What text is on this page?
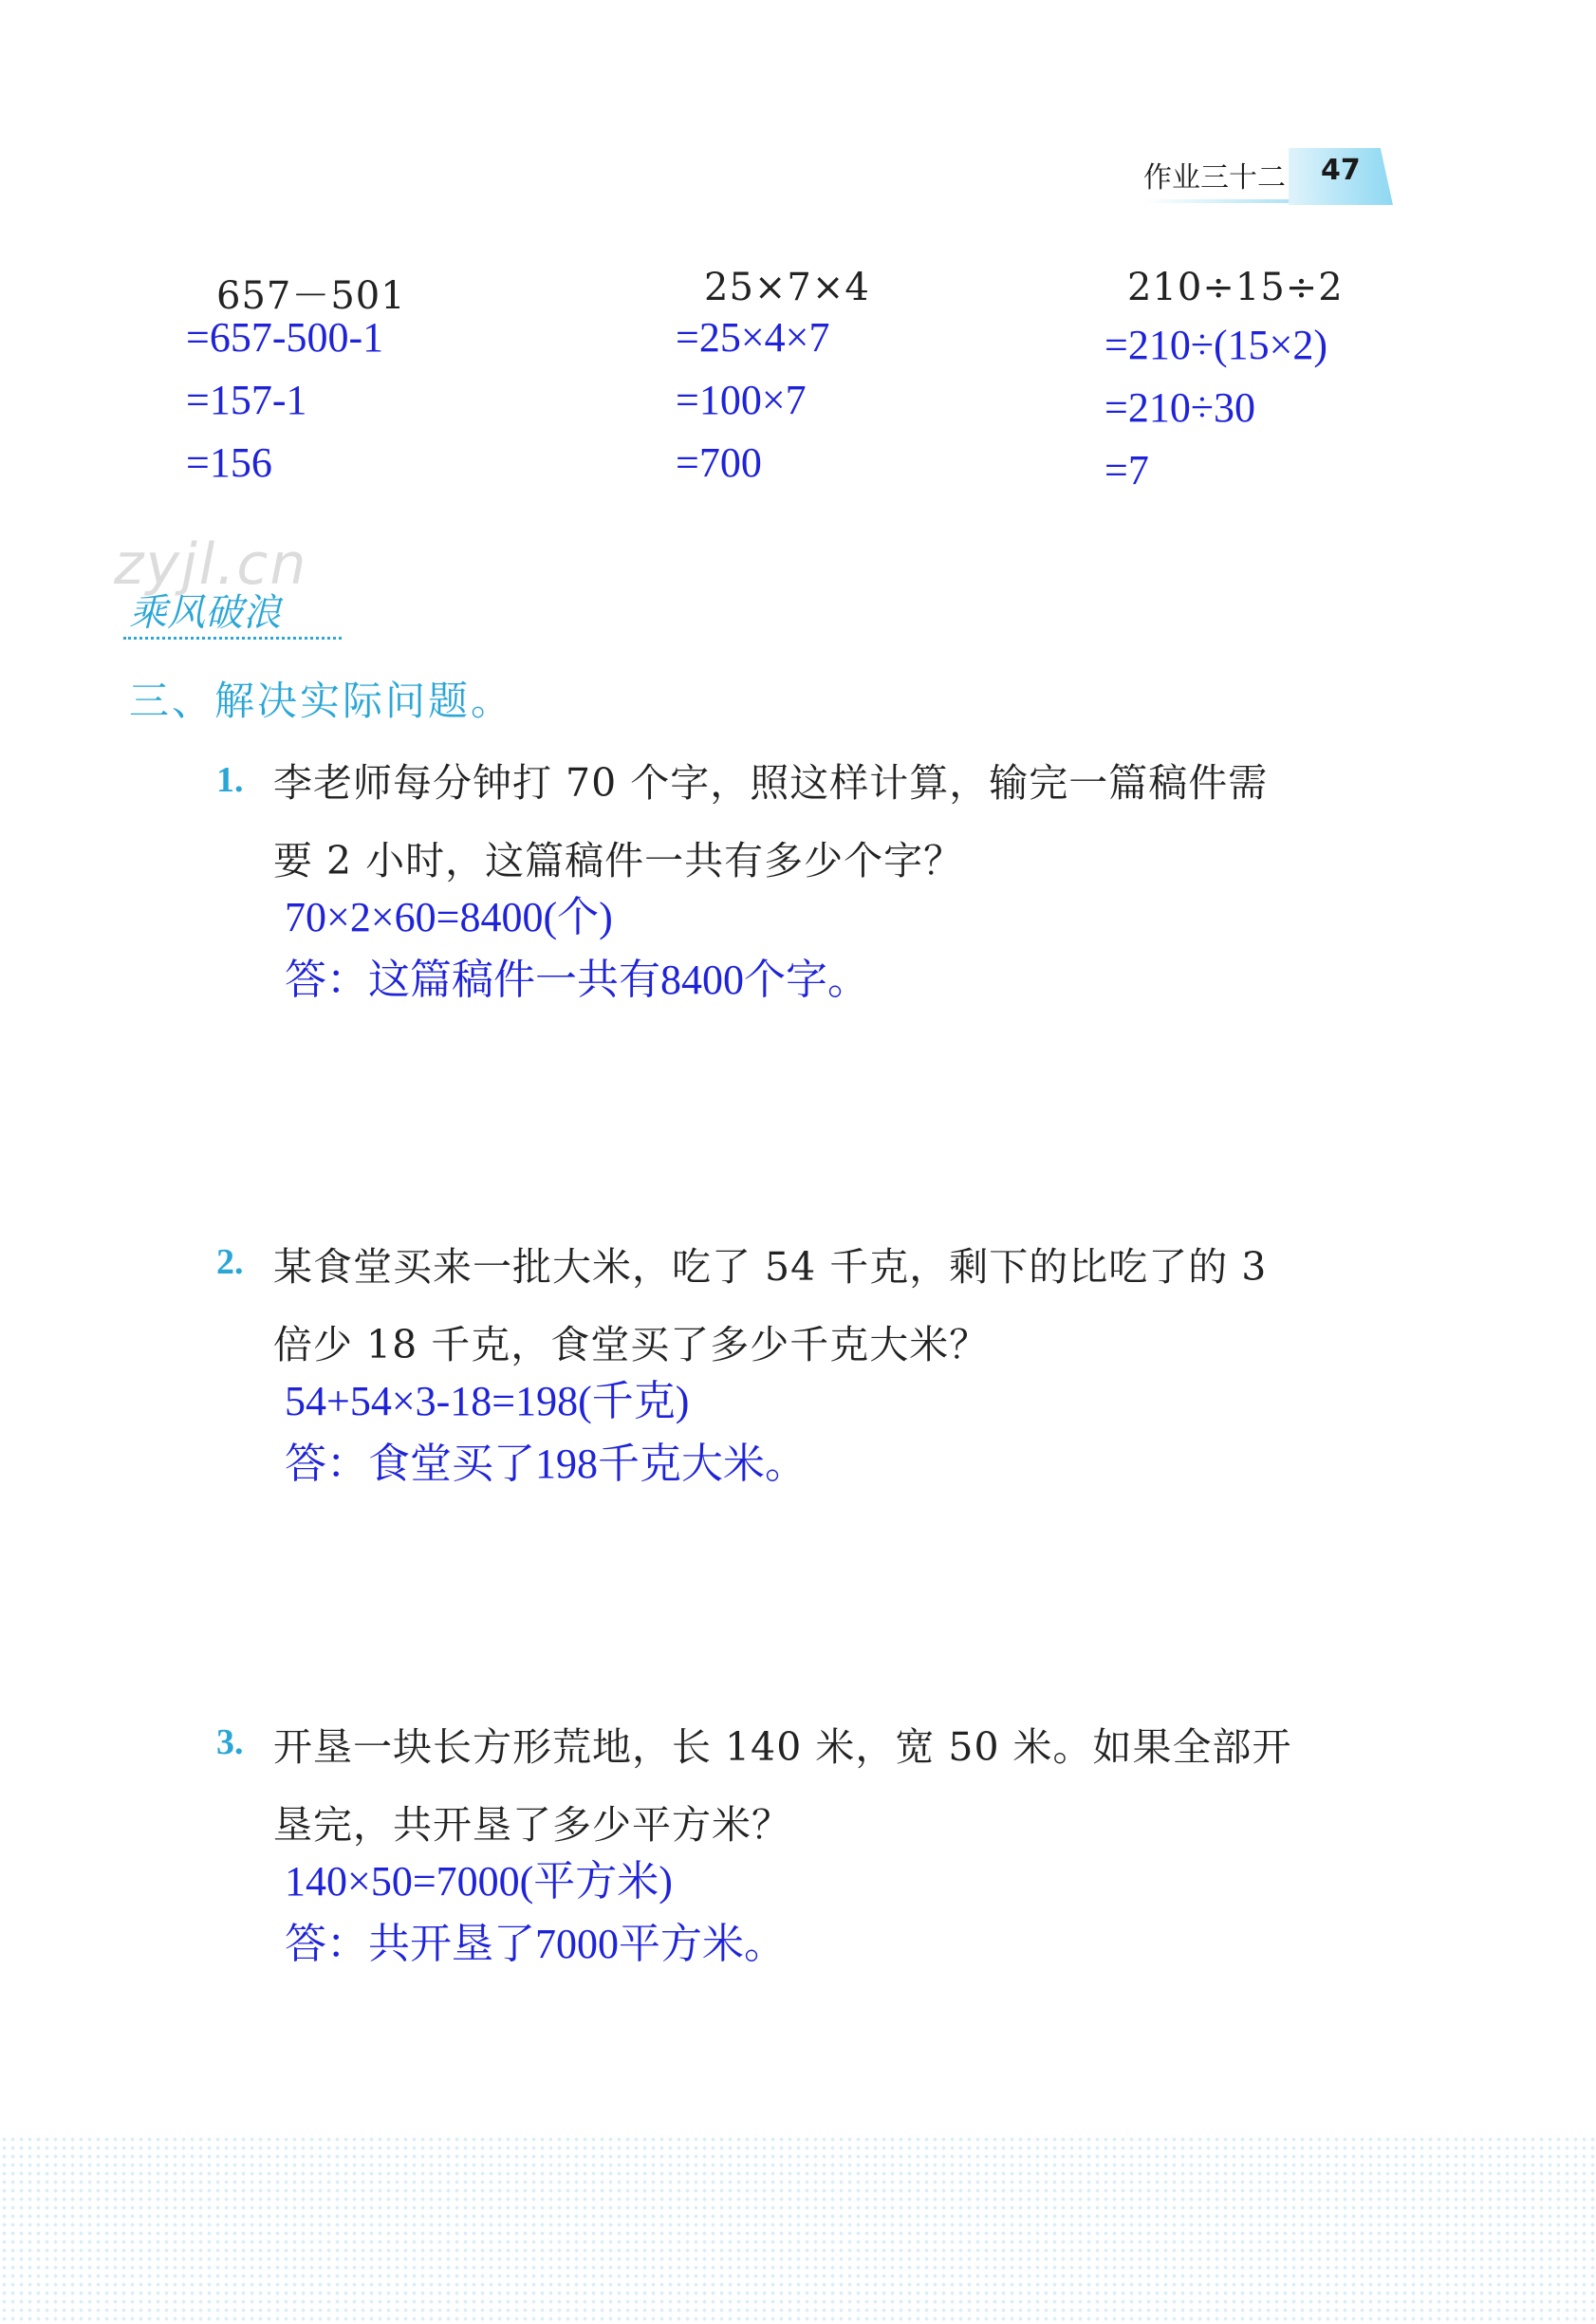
作业三十二 47
657－501
=657-500-1
=157-1
=156
25×7×4
=25×4×7
=100×7
=700
210÷15÷2
=210÷(15×2)
=210÷30
=7
zyjl.cn
乘风破浪
三、解决实际问题。
1. 李老师每分钟打 70 个字，照这样计算，输完一篇稿件需
要 2 小时，这篇稿件一共有多少个字？
70×2×60=8400(个)
答：这篇稿件一共有8400个字。
2. 某食堂买来一批大米，吃了 54 千克，剩下的比吃了的 3
倍少 18 千克，食堂买了多少千克大米？
54+54×3-18=198(千克)
答：食堂买了198千克大米。
3. 开垦一块长方形荒地，长 140 米，宽 50 米。如果全部开
垦完，共开垦了多少平方米？
140×50=7000(平方米)
答：共开垦了7000平方米。
